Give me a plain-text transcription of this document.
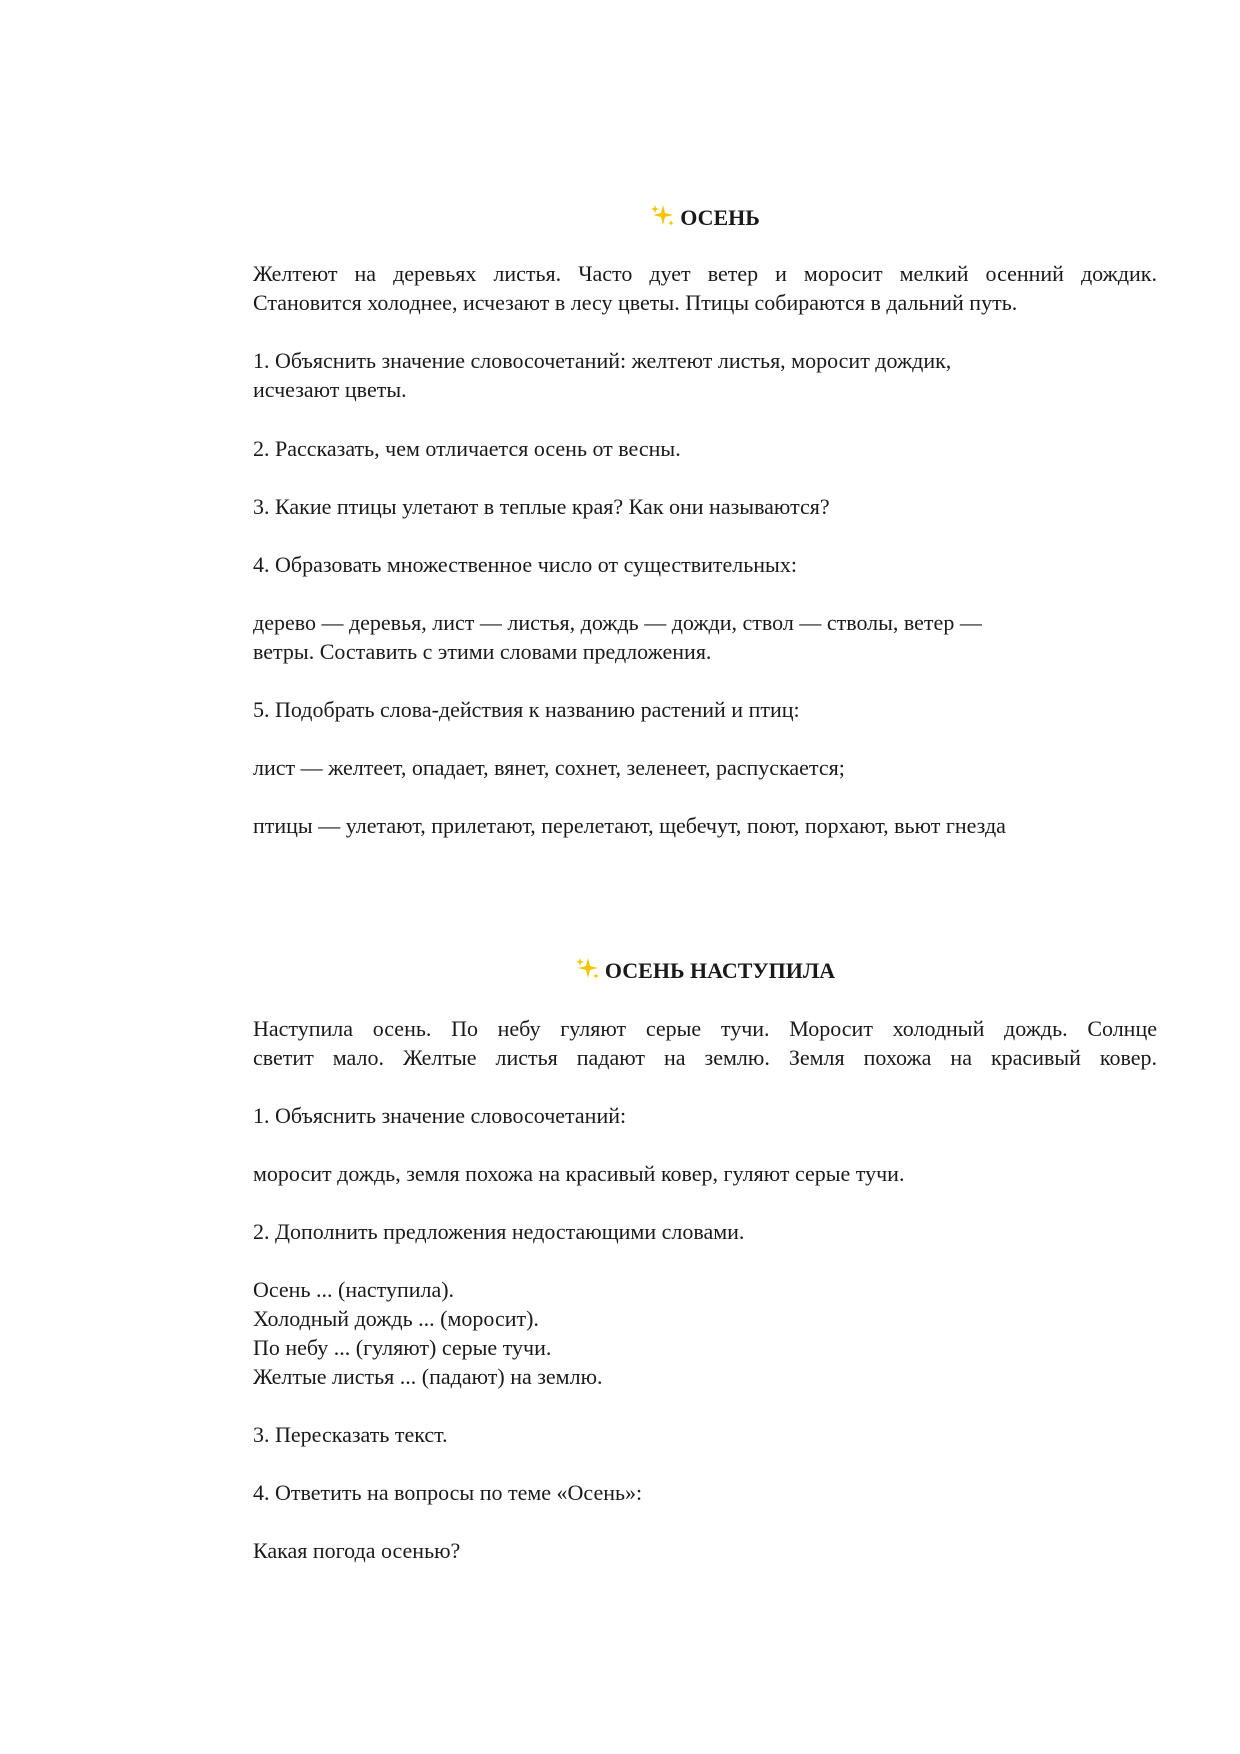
ОСЕНЬ

Желтеют на деревьях листья. Часто дует ветер и моросит мелкий осенний дождик.

Становится холоднее, исчезают в лесу цветы. Птицы собираются в дальний путь.

1. Объяснить значение словосочетаний: желтеют листья, моросит дождик,

исчезают цветы.

2. Рассказать, чем отличается осень от весны.

3. Какие птицы улетают в теплые края? Как они называются?

4. Образовать множественное число от существительных:

дерево — деревья, лист — листья, дождь — дожди, ствол — стволы, ветер —

ветры. Составить с этими словами предложения.

5. Подобрать слова-действия к названию растений и птиц:

лист — желтеет, опадает, вянет, сохнет, зеленеет, распускается;

птицы — улетают, прилетают, перелетают, щебечут, поют, порхают, вьют гнезда

ОСЕНЬ НАСТУПИЛА

Наступила осень. По небу гуляют серые тучи. Моросит холодный дождь. Солнце

светит мало. Желтые листья падают на землю. Земля похожа на красивый ковер.

1. Объяснить значение словосочетаний:

моросит дождь, земля похожа на красивый ковер, гуляют серые тучи.

2. Дополнить предложения недостающими словами.

Осень ... (наступила).

Холодный дождь ... (моросит).

По небу ... (гуляют) серые тучи.

Желтые листья ... (падают) на землю.

3. Пересказать текст.

4. Ответить на вопросы по теме «Осень»:

Какая погода осенью?
